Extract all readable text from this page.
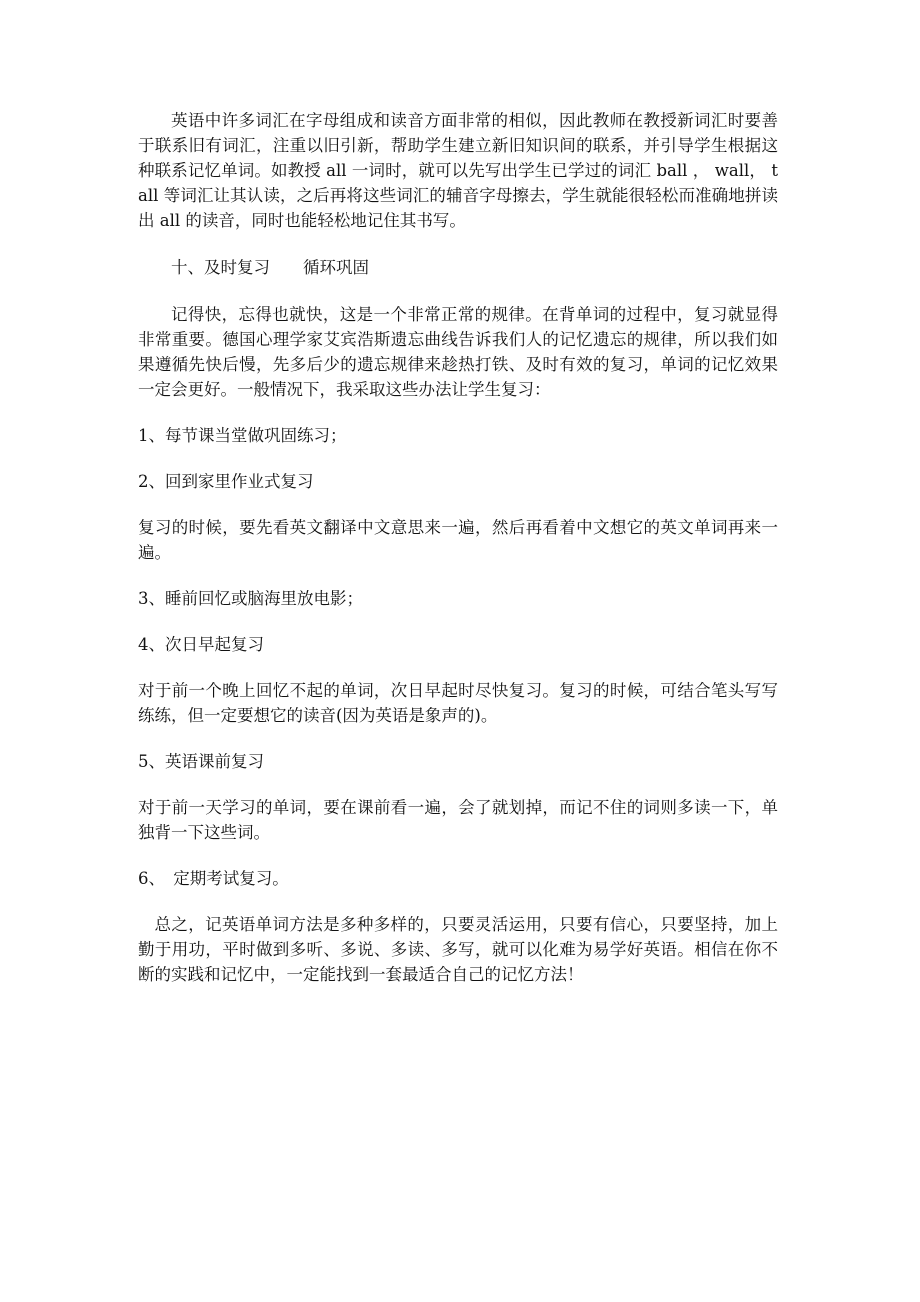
英语中许多词汇在字母组成和读音方面非常的相似，因此教师在教授新词汇时要善于联系旧有词汇，注重以旧引新，帮助学生建立新旧知识间的联系，并引导学生根据这种联系记忆单词。如教授 all 一词时，就可以先写出学生已学过的词汇 ball ， wall， tall 等词汇让其认读，之后再将这些词汇的辅音字母擦去，学生就能很轻松而准确地拼读出 all 的读音，同时也能轻松地记住其书写。

十、及时复习　　循环巩固

记得快，忘得也就快，这是一个非常正常的规律。在背单词的过程中，复习就显得非常重要。德国心理学家艾宾浩斯遗忘曲线告诉我们人的记忆遗忘的规律，所以我们如果遵循先快后慢，先多后少的遗忘规律来趁热打铁、及时有效的复习，单词的记忆效果一定会更好。一般情况下，我采取这些办法让学生复习：

1、每节课当堂做巩固练习；

2、回到家里作业式复习

复习的时候，要先看英文翻译中文意思来一遍，然后再看着中文想它的英文单词再来一遍。

3、睡前回忆或脑海里放电影；

4、次日早起复习

对于前一个晚上回忆不起的单词，次日早起时尽快复习。复习的时候，可结合笔头写写练练，但一定要想它的读音(因为英语是象声的)。

5、英语课前复习

对于前一天学习的单词，要在课前看一遍，会了就划掉，而记不住的词则多读一下，单独背一下这些词。

6、　定期考试复习。

总之，记英语单词方法是多种多样的，只要灵活运用，只要有信心，只要坚持，加上勤于用功，平时做到多听、多说、多读、多写，就可以化难为易学好英语。相信在你不断的实践和记忆中，一定能找到一套最适合自己的记忆方法！
